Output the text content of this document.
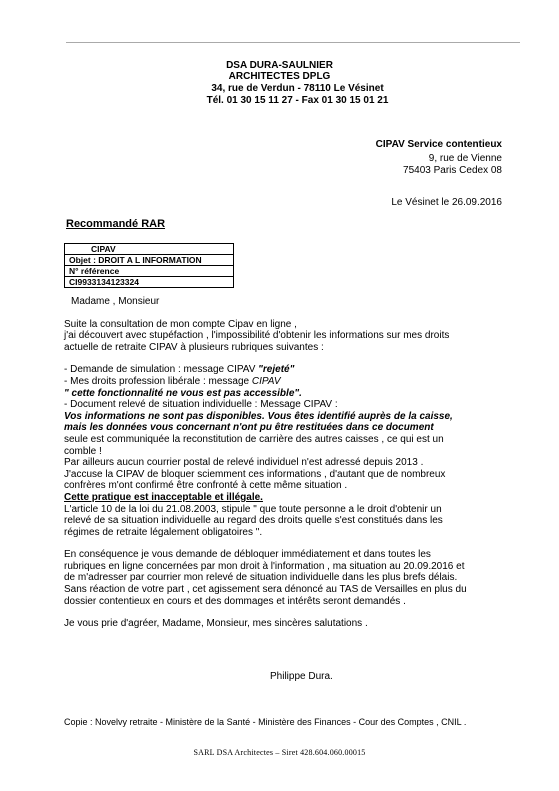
DSA DURA-SAULNIER
ARCHITECTES DPLG
34, rue de Verdun - 78110 Le Vésinet
Tél. 01 30 15 11 27 - Fax 01 30 15 01 21
CIPAV Service contentieux
9, rue de Vienne
75403 Paris Cedex 08
Le Vésinet le 26.09.2016
Recommandé RAR
CIPAV
Objet : DROIT A L INFORMATION
N° référence
CI9933134123324

Madame , Monsieur

Suite la consultation de mon compte Cipav en ligne ,

j'ai découvert avec stupéfaction , l'impossibilité d'obtenir les informations sur mes droits

actuelle de retraite CIPAV à plusieurs rubriques suivantes :

- Demande de simulation : message CIPAV "rejeté"

- Mes droits profession libérale : message CIPAV

" cette fonctionnalité ne vous est pas accessible".

- Document relevé de situation individuelle : Message CIPAV :

Vos informations ne sont pas disponibles. Vous êtes identifié auprès de la caisse,

mais les données vous concernant n'ont pu être restituées dans ce document

seule est communiquée la reconstitution de carrière des autres caisses , ce qui est un

comble !

Par ailleurs aucun courrier postal de relevé individuel n'est adressé depuis 2013 .

J'accuse la CIPAV de bloquer sciemment ces informations , d'autant que de nombreux

confrères m'ont confirmé être confronté à cette même situation .

Cette pratique est inacceptable et illégale.

L'article 10 de la loi du 21.08.2003, stipule " que toute personne a le droit d'obtenir un

relevé de sa situation individuelle au regard des droits quelle s'est constitués dans les

régimes de retraite légalement obligatoires ".

En conséquence je vous demande de débloquer immédiatement et dans toutes les

rubriques en ligne concernées par mon droit à l'information , ma situation au 20.09.2016 et

de m'adresser par courrier mon relevé de situation individuelle dans les plus brefs délais.

Sans réaction de votre part , cet agissement sera dénoncé au TAS de Versailles en plus du

dossier contentieux en cours et des dommages et intérêts seront demandés .

Je vous prie d'agréer, Madame, Monsieur, mes sincères salutations .

Philippe Dura.
Copie : Novelvy retraite - Ministère de la Santé - Ministère des Finances - Cour des Comptes , CNIL .
SARL DSA Architectes – Siret 428.604.060.00015
